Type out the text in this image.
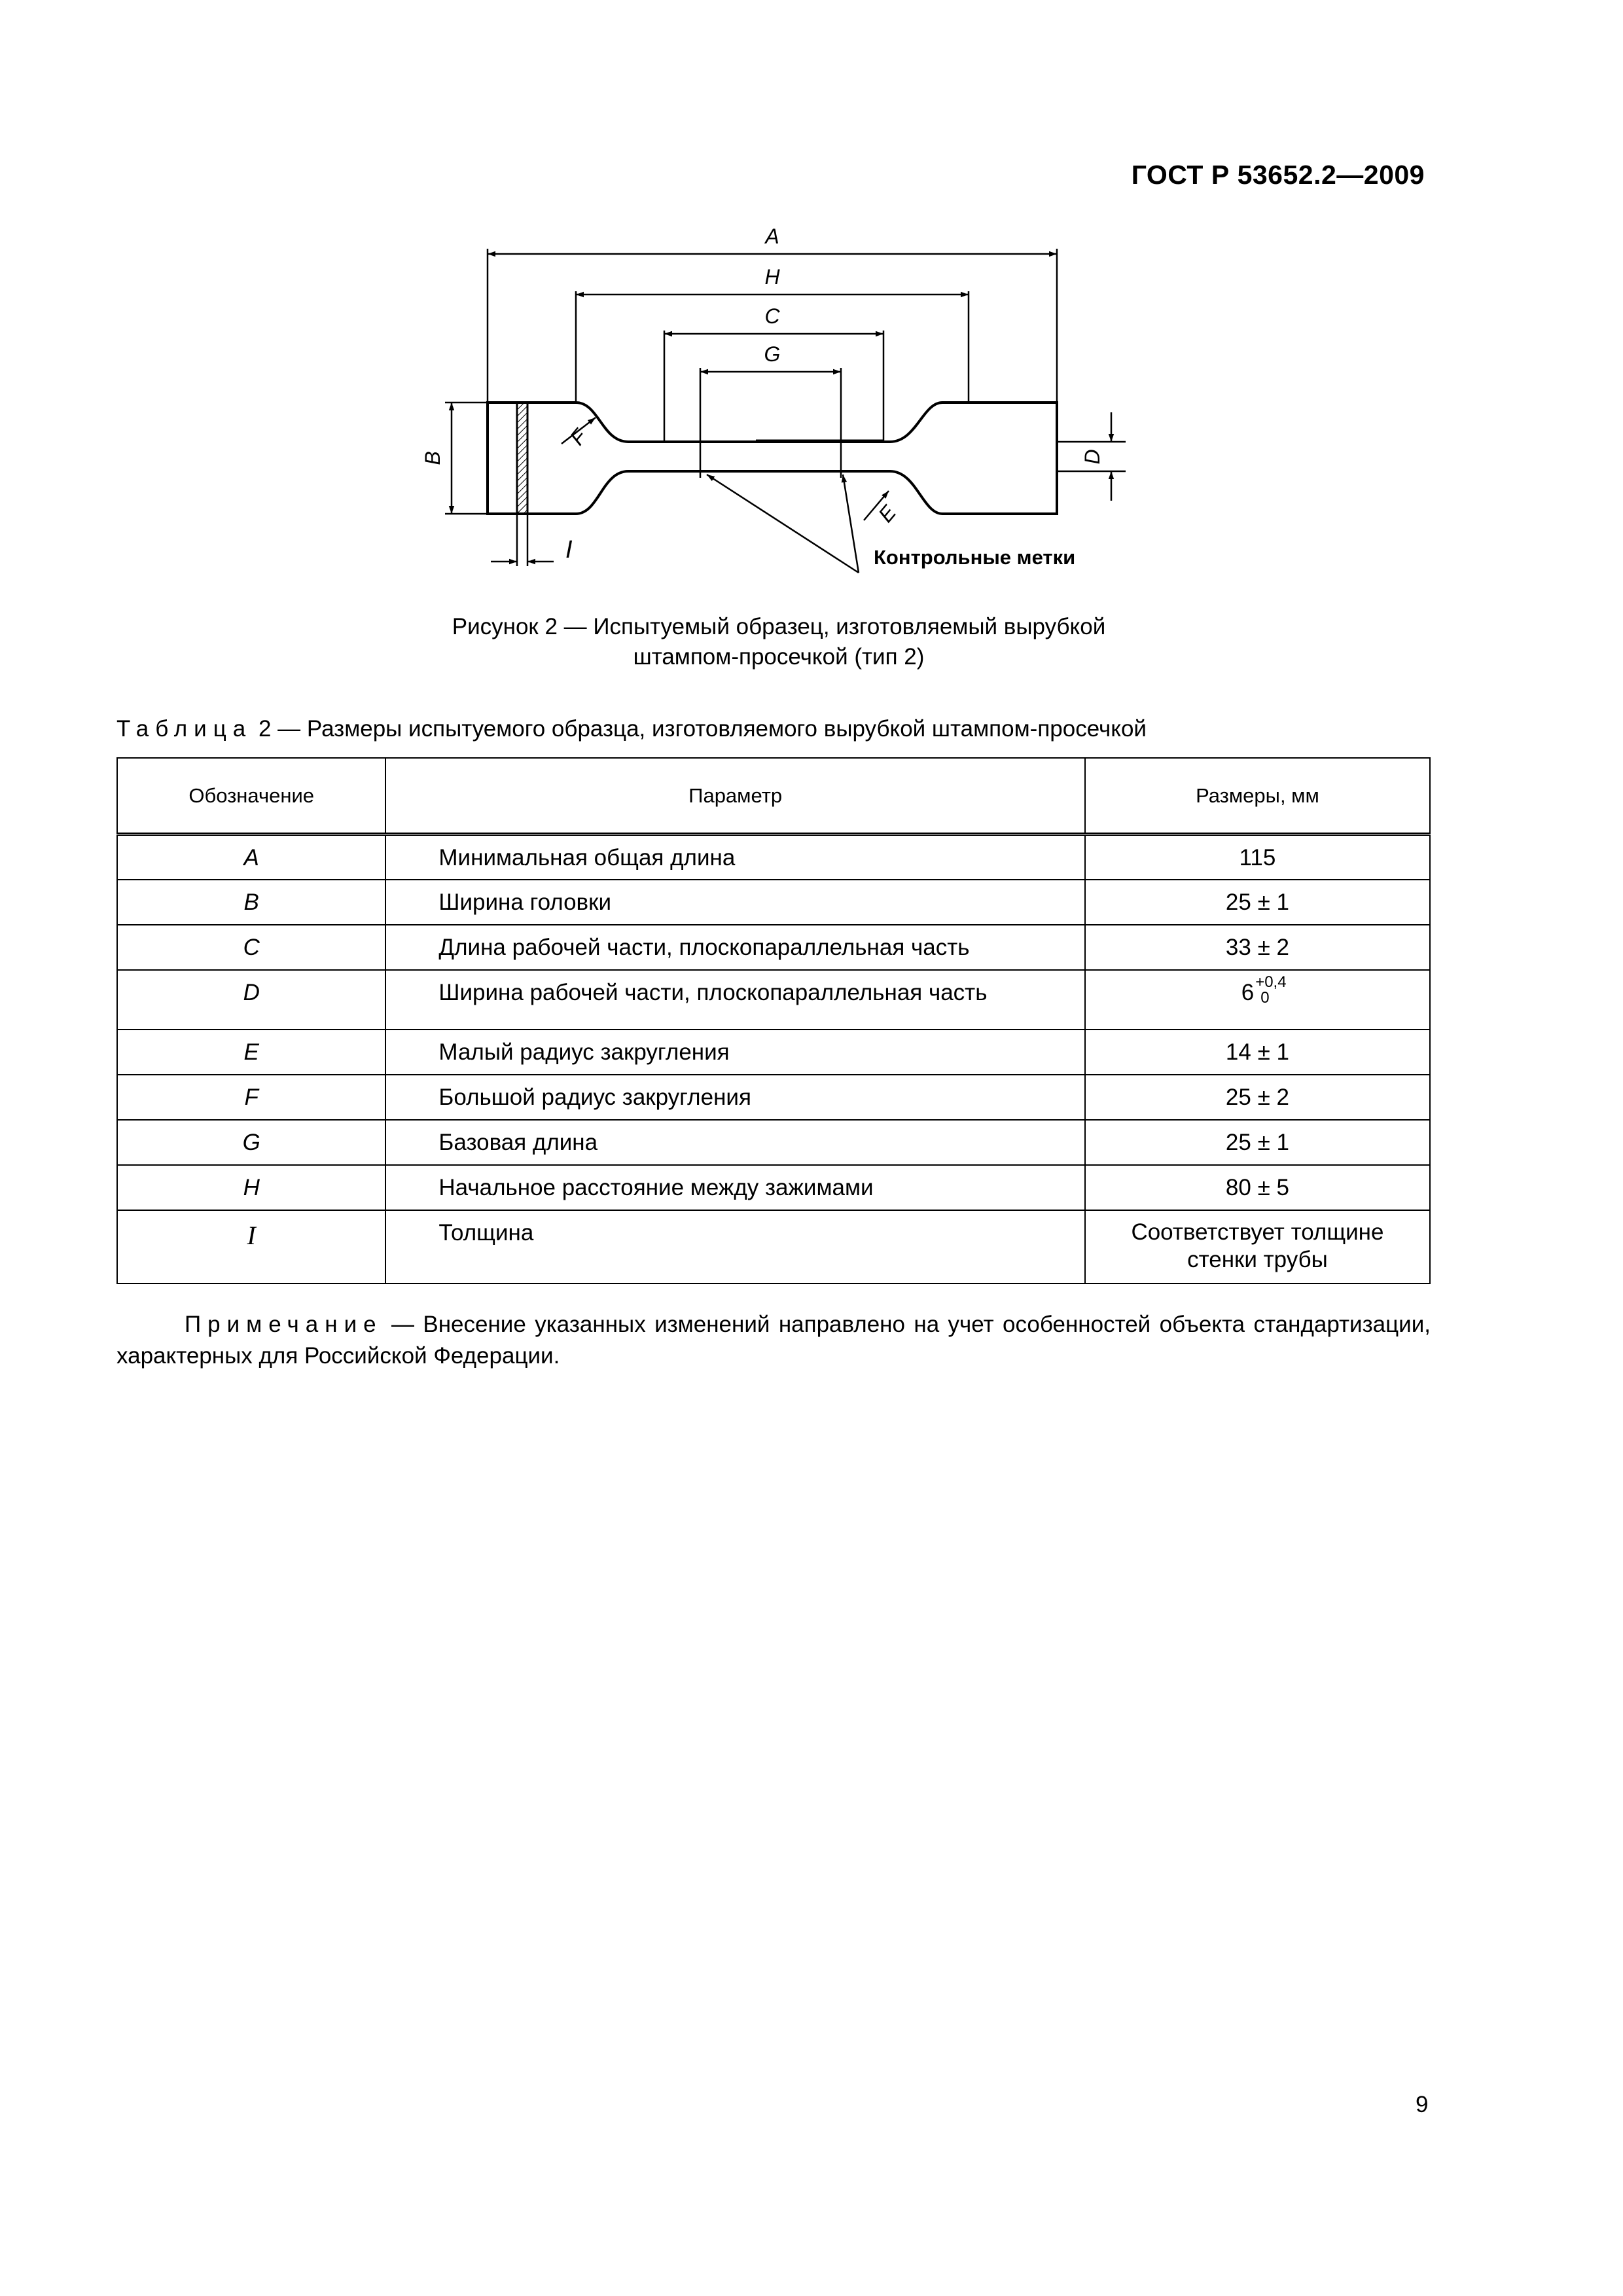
ГОСТ Р 53652.2—2009
A
H
C
G
B	D
F
E
I	Контрольные метки
Рисунок 2 — Испытуемый образец, изготовляемый вырубкой
штампом-просечкой (тип 2)
Таблица 2 — Размеры испытуемого образца, изготовляемого вырубкой штампом-просечкой
Обозначение	Параметр	Размеры, мм
A	Минимальная общая длина	115
B	Ширина головки	25 ± 1
C	Длина рабочей части, плоскопараллельная часть	33 ± 2
D	Ширина рабочей части, плоскопараллельная часть	6 +0,4
0

E	Малый радиус закругления	14 ± 1
F	Большой радиус закругления	25 ± 2
G	Базовая длина	25 ± 1
H	Начальное расстояние между зажимами	80 ± 5
I	Толщина	Соответствует толщине
стенки трубы
Примечание — Внесение указанных изменений направлено на учет особенностей объекта стандартизации, характерных для Российской Федерации.
9
